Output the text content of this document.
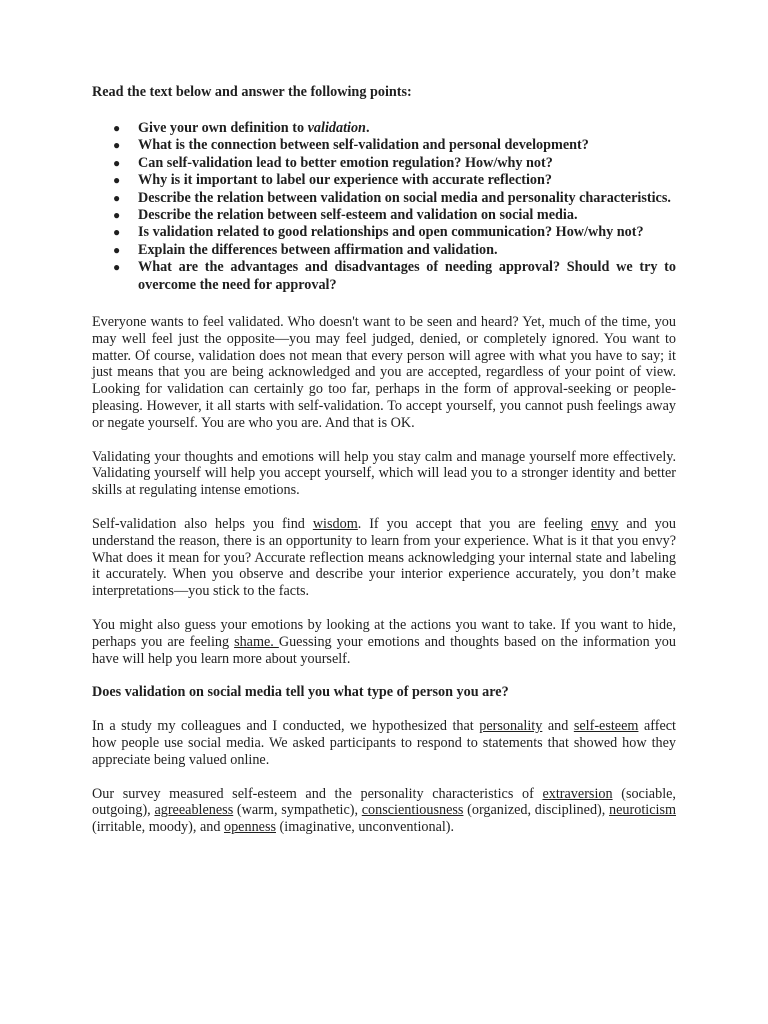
Read the text below and answer the following points:

● Give your own definition to validation.
● What is the connection between self-validation and personal development?
● Can self-validation lead to better emotion regulation? How/why not?
● Why is it important to label our experience with accurate reflection?
● Describe the relation between validation on social media and personality characteristics.
● Describe the relation between self-esteem and validation on social media.
● Is validation related to good relationships and open communication? How/why not?
● Explain the differences between affirmation and validation.
● What are the advantages and disadvantages of needing approval? Should we try to overcome the need for approval?

Everyone wants to feel validated. Who doesn't want to be seen and heard? Yet, much of the time, you may well feel just the opposite—you may feel judged, denied, or completely ignored. You want to matter. Of course, validation does not mean that every person will agree with what you have to say; it just means that you are being acknowledged and you are accepted, regardless of your point of view. Looking for validation can certainly go too far, perhaps in the form of approval-seeking or people-pleasing. However, it all starts with self-validation. To accept yourself, you cannot push feelings away or negate yourself. You are who you are. And that is OK.

Validating your thoughts and emotions will help you stay calm and manage yourself more effectively. Validating yourself will help you accept yourself, which will lead you to a stronger identity and better skills at regulating intense emotions.

Self-validation also helps you find wisdom. If you accept that you are feeling envy and you understand the reason, there is an opportunity to learn from your experience. What is it that you envy? What does it mean for you? Accurate reflection means acknowledging your internal state and labeling it accurately. When you observe and describe your interior experience accurately, you don’t make interpretations—you stick to the facts.

You might also guess your emotions by looking at the actions you want to take. If you want to hide, perhaps you are feeling shame. Guessing your emotions and thoughts based on the information you have will help you learn more about yourself.

Does validation on social media tell you what type of person you are?

In a study my colleagues and I conducted, we hypothesized that personality and self-esteem affect how people use social media. We asked participants to respond to statements that showed how they appreciate being valued online.

Our survey measured self-esteem and the personality characteristics of extraversion (sociable, outgoing), agreeableness (warm, sympathetic), conscientiousness (organized, disciplined), neuroticism (irritable, moody), and openness (imaginative, unconventional).
